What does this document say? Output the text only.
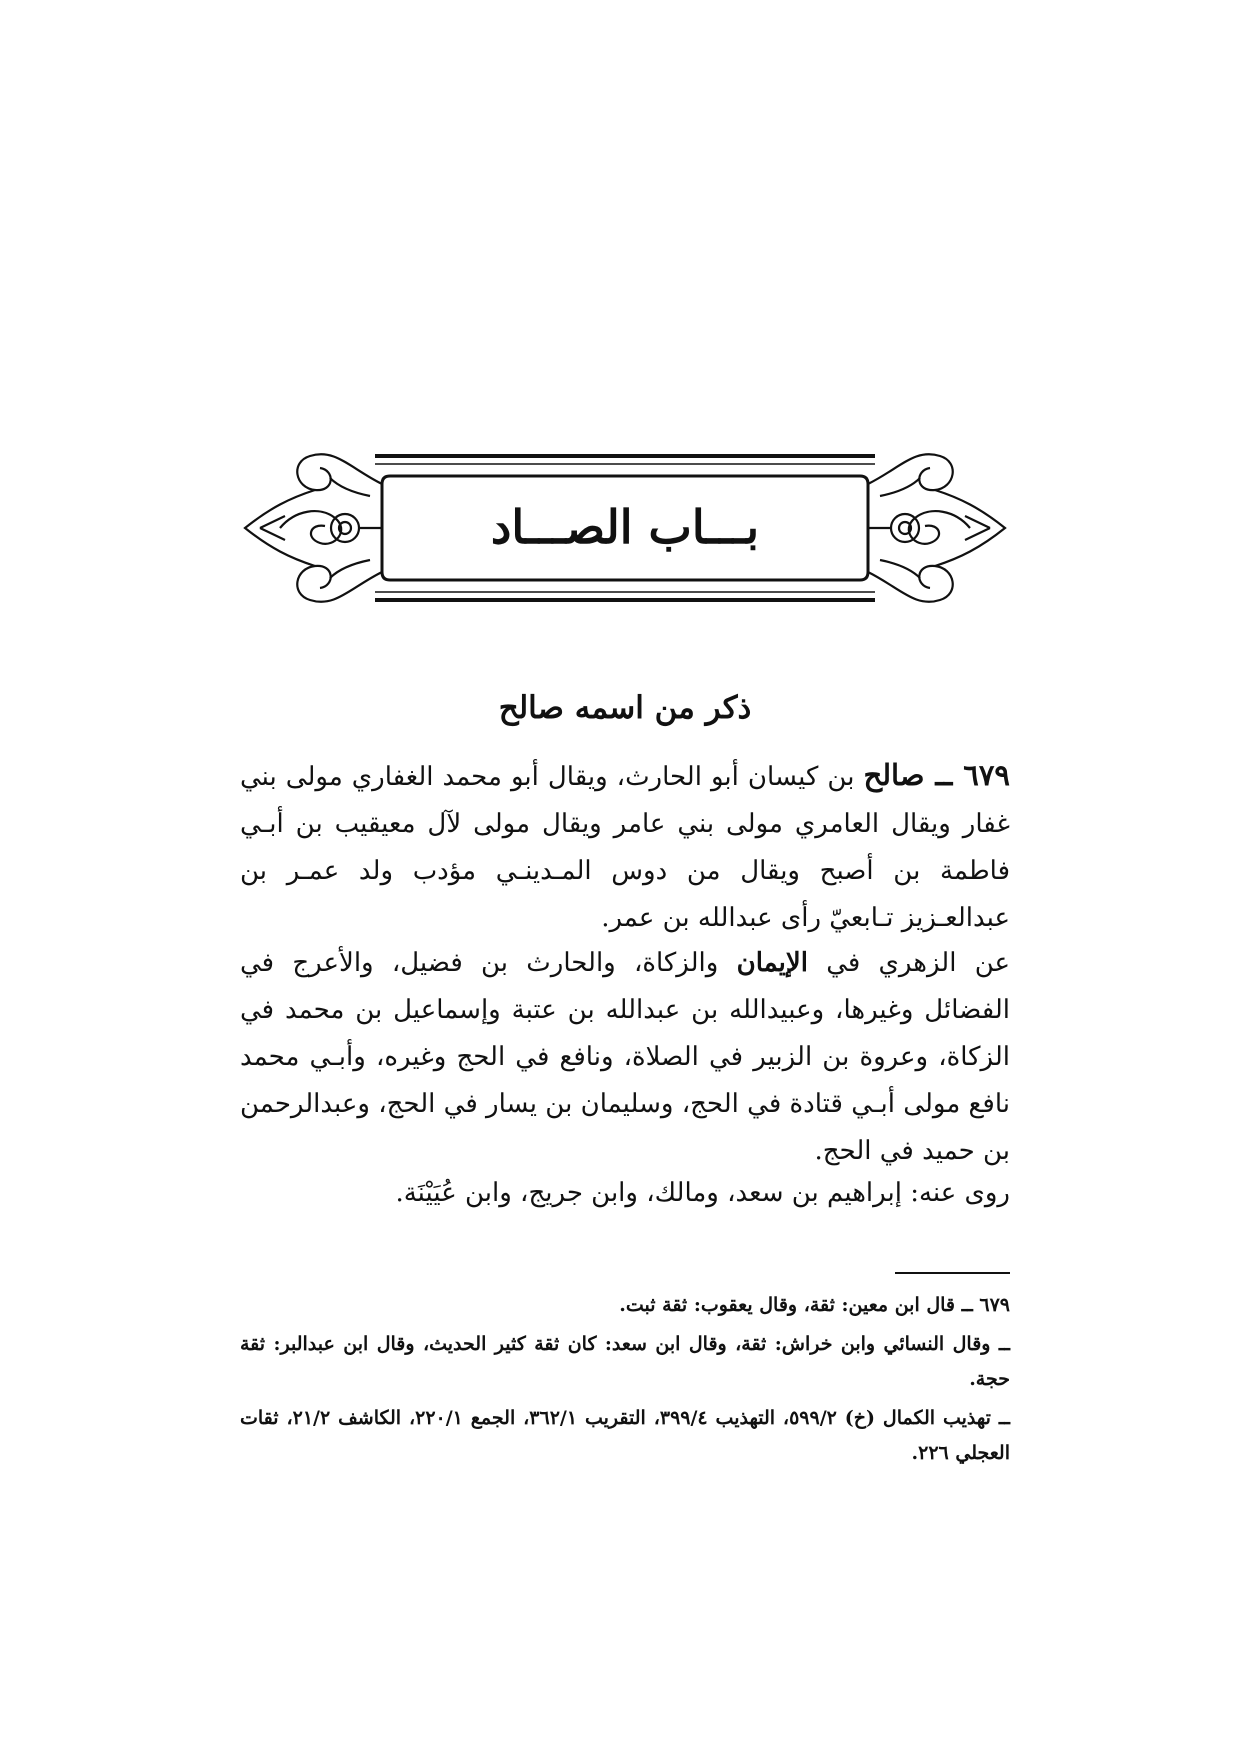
بـــاب الصـــاد
ذكر من اسمه صالح

٦٧٩ ــ صالح بن كيسان أبو الحارث، ويقال أبو محمد الغفاري مولى بني غفار ويقال العامري مولى بني عامر ويقال مولى لآل معيقيب بن أبـي فاطمة بن أصبح ويقال من دوس المـدينـي مؤدب ولد عمـر بن عبدالعـزيز تـابعيّ رأى عبدالله بن عمر.

عن الزهري في الإيمان والزكاة، والحارث بن فضيل، والأعرج في الفضائل وغيرها، وعبيدالله بن عبدالله بن عتبة وإسماعيل بن محمد في الزكاة، وعروة بن الزبير في الصلاة، ونافع في الحج وغيره، وأبـي محمد نافع مولى أبـي قتادة في الحج، وسليمان بن يسار في الحج، وعبدالرحمن بن حميد في الحج.

روى عنه: إبراهيم بن سعد، ومالك، وابن جريج، وابن عُيَيْنَة.

٦٧٩ ــ قال ابن معين: ثقة، وقال يعقوب: ثقة ثبت.

ــ وقال النسائي وابن خراش: ثقة، وقال ابن سعد: كان ثقة كثير الحديث، وقال ابن عبدالبر: ثقة حجة.

ــ تهذيب الكمال (خ) ٥٩٩/٢، التهذيب ٣٩٩/٤، التقريب ٣٦٢/١، الجمع ٢٢٠/١، الكاشف ٢١/٢، ثقات العجلي ٢٢٦.
